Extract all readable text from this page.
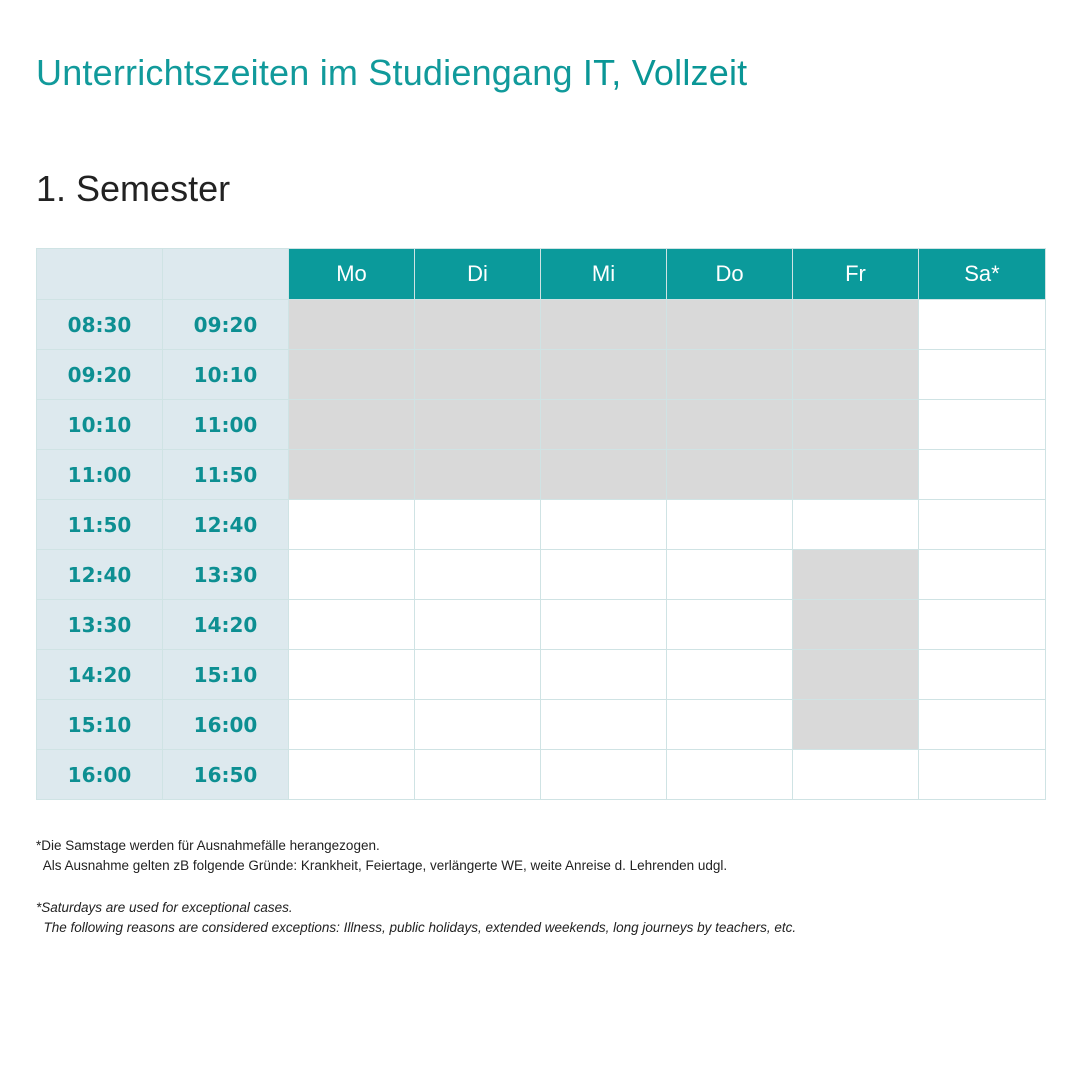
Unterrichtszeiten im Studiengang IT, Vollzeit
1. Semester
		Mo	Di	Mi	Do	Fr	Sa*
08:30	09:20						
09:20	10:10						
10:10	11:00						
11:00	11:50						
11:50	12:40						
12:40	13:30						
13:30	14:20						
14:20	15:10						
15:10	16:00						
16:00	16:50						

*Die Samstage werden für Ausnahmefälle herangezogen.

Als Ausnahme gelten zB folgende Gründe: Krankheit, Feiertage, verlängerte WE, weite Anreise d. Lehrenden udgl.

*Saturdays are used for exceptional cases.

The following reasons are considered exceptions: Illness, public holidays, extended weekends, long journeys by teachers, etc.
